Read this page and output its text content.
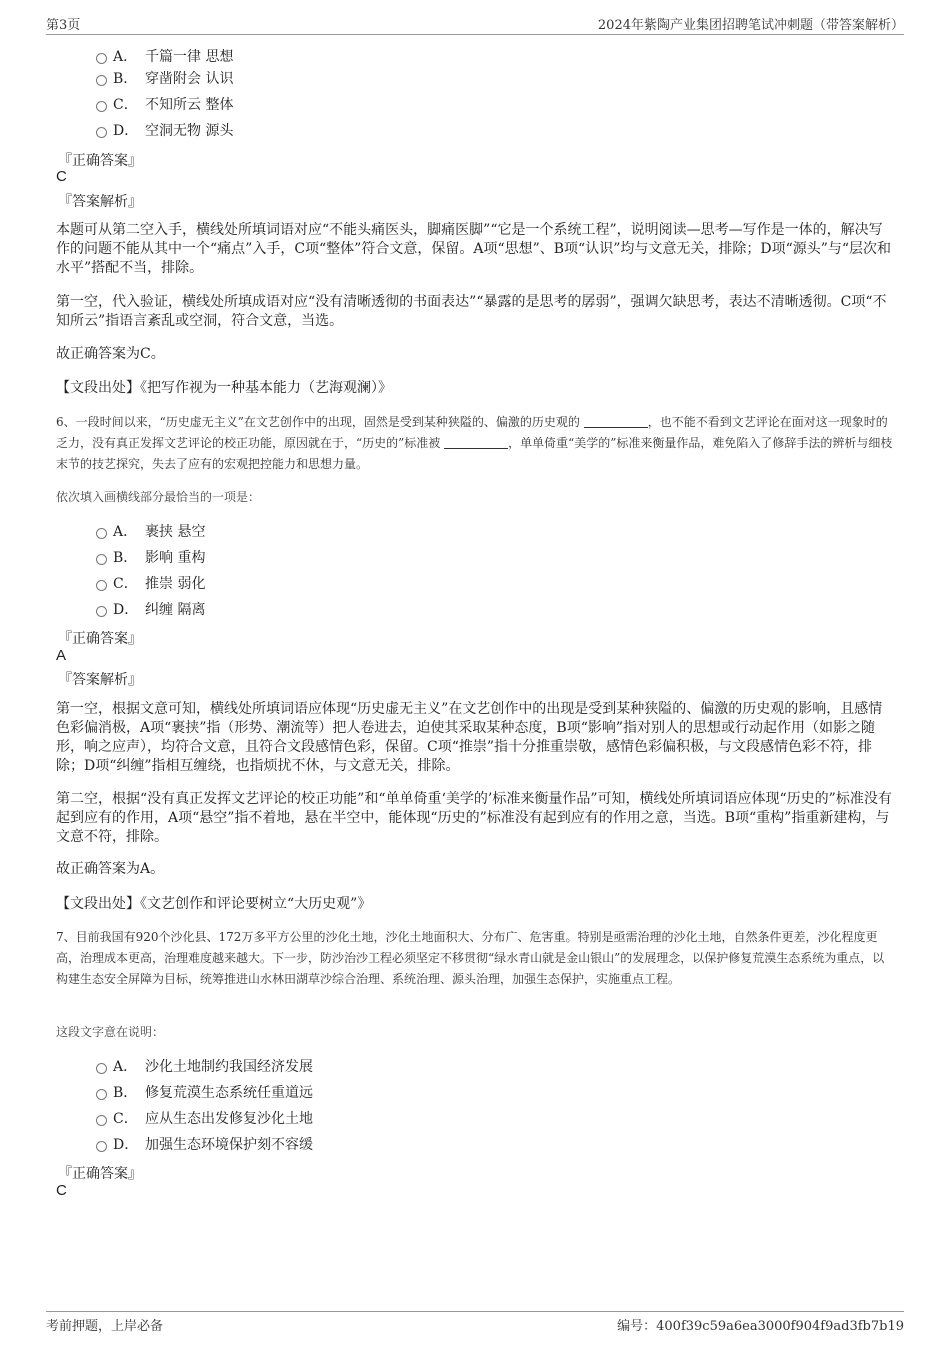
第3页	2024年紫陶产业集团招聘笔试冲刺题（带答案解析）
A． 千篇一律 思想
B． 穿凿附会 认识
C． 不知所云 整体
D． 空洞无物 源头
『正确答案』
C
『答案解析』

本题可从第二空入手，横线处所填词语对应“不能头痛医头，脚痛医脚”“它是一个系统工程”，说明阅读—思考—写作是一体的，解决写作的问题不能从其中一个“痛点”入手，C项“整体”符合文意，保留。A项“思想”、B项“认识”均与文意无关，排除；D项“源头”与“层次和水平”搭配不当，排除。

第一空，代入验证，横线处所填成语对应“没有清晰透彻的书面表达”“暴露的是思考的孱弱”，强调欠缺思考，表达不清晰透彻。C项“不知所云”指语言紊乱或空洞，符合文意，当选。

故正确答案为C。

【文段出处】《把写作视为一种基本能力（艺海观澜）》

6、一段时间以来，“历史虚无主义”在文艺创作中的出现，固然是受到某种狭隘的、偏激的历史观的	，也不能不看到文艺评论在面对这一现象时的乏力，没有真正发挥文艺评论的校正功能，原因就在于，“历史的”标准被	，单单倚重“美学的”标准来衡量作品，难免陷入了修辞手法的辨析与细枝末节的技艺探究，失去了应有的宏观把控能力和思想力量。

依次填入画横线部分最恰当的一项是：
A． 裹挟 悬空
B． 影响 重构
C． 推崇 弱化
D． 纠缠 隔离
『正确答案』
A
『答案解析』

第一空，根据文意可知，横线处所填词语应体现“历史虚无主义”在文艺创作中的出现是受到某种狭隘的、偏激的历史观的影响，且感情色彩偏消极，A项“裹挟”指（形势、潮流等）把人卷进去，迫使其采取某种态度，B项“影响”指对别人的思想或行动起作用（如影之随形，响之应声），均符合文意，且符合文段感情色彩，保留。C项“推崇”指十分推重崇敬，感情色彩偏积极，与文段感情色彩不符，排除；D项“纠缠”指相互缠绕，也指烦扰不休，与文意无关，排除。

第二空，根据“没有真正发挥文艺评论的校正功能”和“单单倚重‘美学的’标准来衡量作品”可知，横线处所填词语应体现“历史的”标准没有起到应有的作用，A项“悬空”指不着地，悬在半空中，能体现“历史的”标准没有起到应有的作用之意，当选。B项“重构”指重新建构，与文意不符，排除。

故正确答案为A。

【文段出处】《文艺创作和评论要树立“大历史观”》

7、目前我国有920个沙化县、172万多平方公里的沙化土地，沙化土地面积大、分布广、危害重。特别是亟需治理的沙化土地，自然条件更差，沙化程度更高，治理成本更高，治理难度越来越大。下一步，防沙治沙工程必须坚定不移贯彻“绿水青山就是金山银山”的发展理念，以保护修复荒漠生态系统为重点，以构建生态安全屏障为目标，统筹推进山水林田湖草沙综合治理、系统治理、源头治理，加强生态保护，实施重点工程。

这段文字意在说明：
A． 沙化土地制约我国经济发展
B． 修复荒漠生态系统任重道远
C． 应从生态出发修复沙化土地
D． 加强生态环境保护刻不容缓
『正确答案』
C
考前押题，上岸必备	编号：400f39c59a6ea3000f904f9ad3fb7b19
